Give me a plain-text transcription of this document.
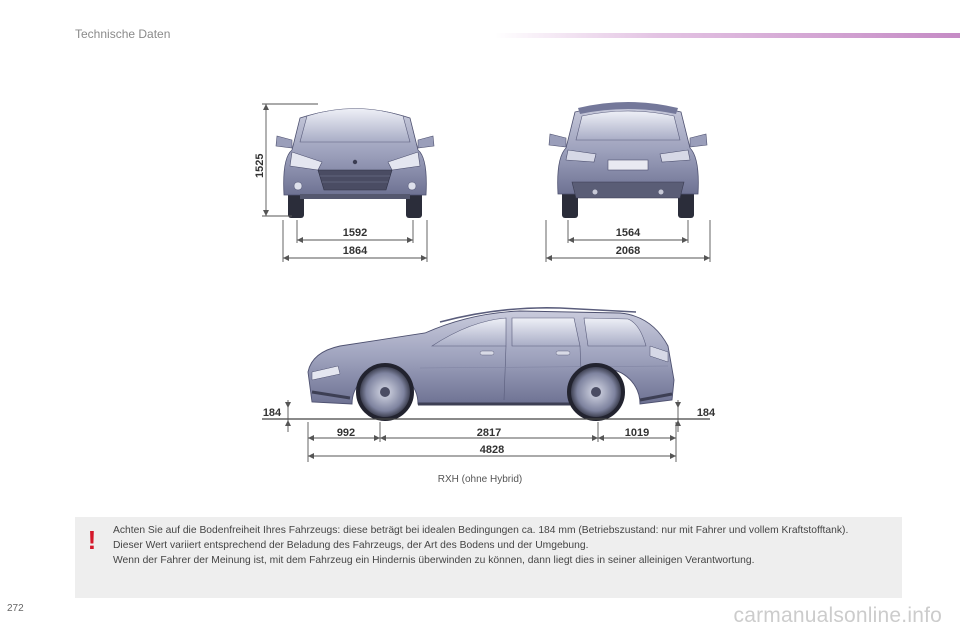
Technische Daten
1525
1592
1864
1564
2068
184	184
992	2817	1019
4828
RXH (ohne Hybrid)
! Achten Sie auf die Bodenfreiheit Ihres Fahrzeugs: diese beträgt bei idealen Bedingungen ca. 184 mm (Betriebszustand: nur mit Fahrer und vollem Kraftstofftank).

Dieser Wert variiert entsprechend der Beladung des Fahrzeugs, der Art des Bodens und der Umgebung.

Wenn der Fahrer der Meinung ist, mit dem Fahrzeug ein Hindernis überwinden zu können, dann liegt dies in seiner alleinigen Verantwortung.

272	carmanualsonline.info
